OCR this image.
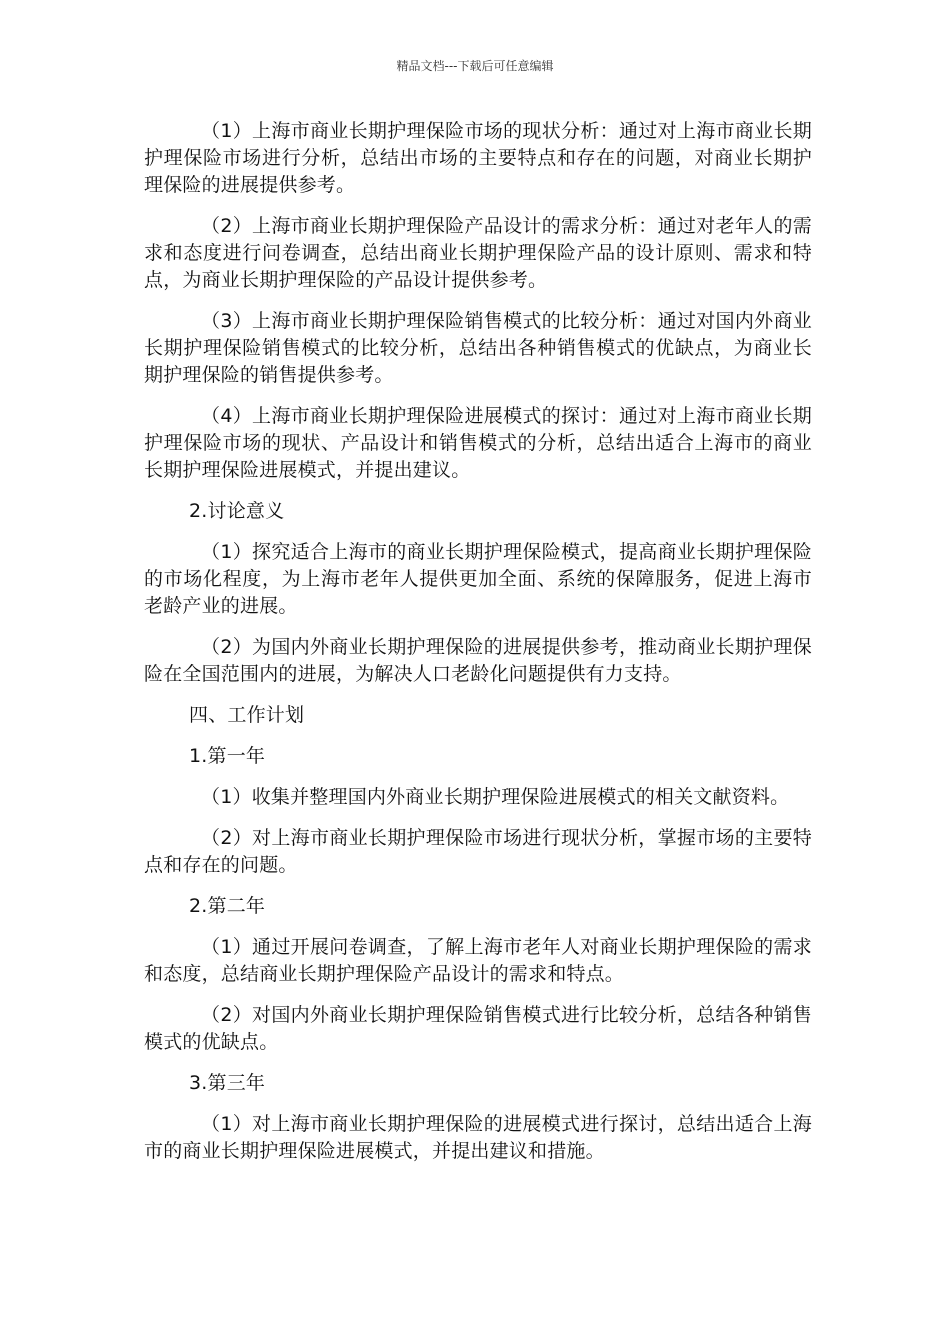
精品文档---下载后可任意编辑

（1）上海市商业长期护理保险市场的现状分析：通过对上海市商业长期护理保险市场进行分析，总结出市场的主要特点和存在的问题，对商业长期护理保险的进展提供参考。

（2）上海市商业长期护理保险产品设计的需求分析：通过对老年人的需求和态度进行问卷调查，总结出商业长期护理保险产品的设计原则、需求和特点，为商业长期护理保险的产品设计提供参考。

（3）上海市商业长期护理保险销售模式的比较分析：通过对国内外商业长期护理保险销售模式的比较分析，总结出各种销售模式的优缺点，为商业长期护理保险的销售提供参考。

（4）上海市商业长期护理保险进展模式的探讨：通过对上海市商业长期护理保险市场的现状、产品设计和销售模式的分析，总结出适合上海市的商业长期护理保险进展模式，并提出建议。

2.讨论意义

（1）探究适合上海市的商业长期护理保险模式，提高商业长期护理保险的市场化程度，为上海市老年人提供更加全面、系统的保障服务，促进上海市老龄产业的进展。

（2）为国内外商业长期护理保险的进展提供参考，推动商业长期护理保险在全国范围内的进展，为解决人口老龄化问题提供有力支持。

四、工作计划

1.第一年

（1）收集并整理国内外商业长期护理保险进展模式的相关文献资料。

（2）对上海市商业长期护理保险市场进行现状分析，掌握市场的主要特点和存在的问题。

2.第二年

（1）通过开展问卷调查，了解上海市老年人对商业长期护理保险的需求和态度，总结商业长期护理保险产品设计的需求和特点。

（2）对国内外商业长期护理保险销售模式进行比较分析，总结各种销售模式的优缺点。

3.第三年

（1）对上海市商业长期护理保险的进展模式进行探讨，总结出适合上海市的商业长期护理保险进展模式，并提出建议和措施。
